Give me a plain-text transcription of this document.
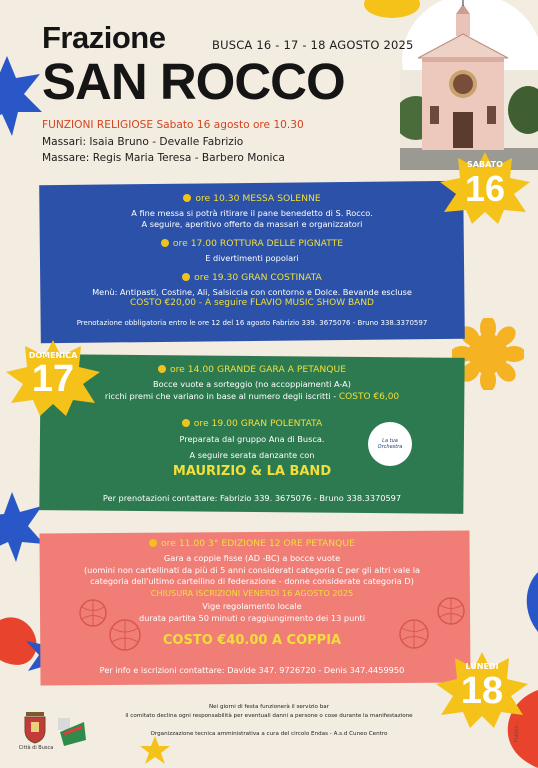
Frazione	BUSCA 16 - 17 - 18 AGOSTO 2025
SAN ROCCO
FUNZIONI RELIGIOSE Sabato 16 agosto ore 10.30
Massari: Isaia Bruno - Devalle Fabrizio
Massare: Regis Maria Teresa - Barbero Monica
ore 10.30 MESSA SOLENNE
A fine messa si potrà ritirare il pane benedetto di S. Rocco.
A seguire, aperitivo offerto da massari e organizzatori
ore 17.00 ROTTURA DELLE PIGNATTE
E divertimenti popolari
ore 19.30 GRAN COSTINATA
Menù: Antipasti, Costine, Ali, Salsiccia con contorno e Dolce. Bevande escluse
COSTO €20,00 - A seguire FLAVIO MUSIC SHOW BAND
Prenotazione obbligatoria entro le ore 12 del 16 agosto Fabrizio 339. 3675076 - Bruno 338.3370597
ore 14.00 GRANDE GARA A PETANQUE
Bocce vuote a sorteggio (no accoppiamenti A-A)
ricchi premi che variano in base al numero degli iscritti - COSTO €6,00
ore 19.00 GRAN POLENTATA
Preparata dal gruppo Ana di Busca.
A seguire serata danzante con
MAURIZIO & LA BAND
Per prenotazioni contattare: Fabrizio 339. 3675076 - Bruno 338.3370597
La tua Orchestra
ore 11.00 3° EDIZIONE 12 ORE PETANQUE
Gara a coppie fisse (AD -BC) a bocce vuote
(uomini non cartellinati da più di 5 anni considerati categoria C per gli altri vale la
categoria dell'ultimo cartellino di federazione - donne considerate categoria D)
CHIUSURA ISCRIZIONI VENERDÌ 16 AGOSTO 2025
Vige regolamento locale
durata partita 50 minuti o raggiungimento dei 13 punti
COSTO €40.00 A COPPIA
Per info e iscrizioni contattare: Davide 347. 9726720 - Denis 347.4459950
SABATO
16
DOMENICA
17
LUNEDI
18
Nei giorni di festa funzionerà il servizio bar
il comitato declina ogni responsabilità per eventuali danni a persone o cose durante la manifestazione
Organizzazione tecnica amministrativa a cura del circolo Endas - A.s.d Cuneo Centro
Città di Busca
Fubbio...
